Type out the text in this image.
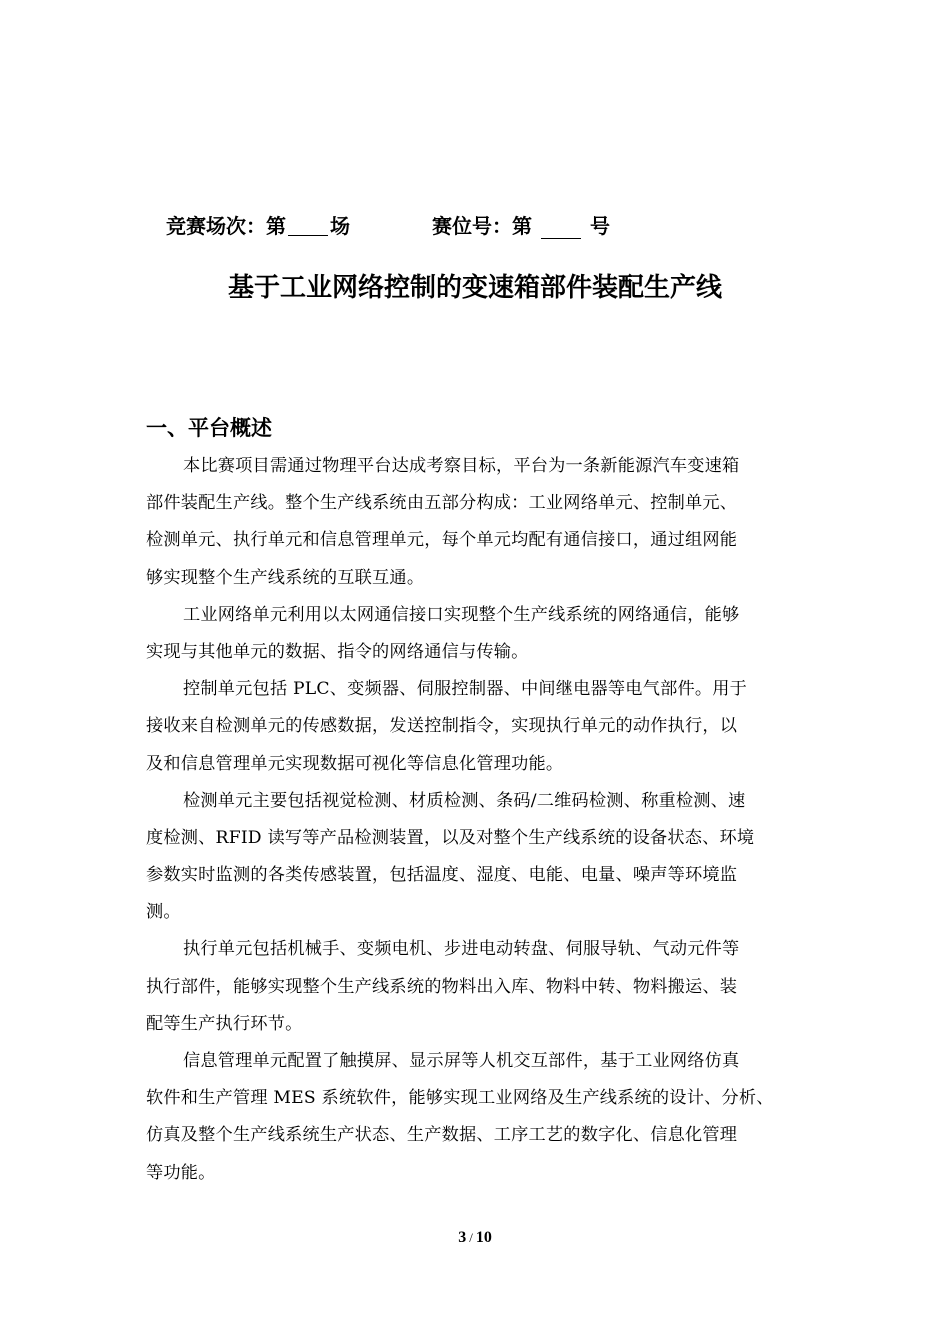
竞赛场次：第 场	赛位号：第	号
基于工业网络控制的变速箱部件装配生产线
一、平台概述
本比赛项目需通过物理平台达成考察目标，平台为一条新能源汽车变速箱
部件装配生产线。整个生产线系统由五部分构成：工业网络单元、控制单元、
检测单元、执行单元和信息管理单元，每个单元均配有通信接口，通过组网能
够实现整个生产线系统的互联互通。
工业网络单元利用以太网通信接口实现整个生产线系统的网络通信，能够
实现与其他单元的数据、指令的网络通信与传输。
控制单元包括 PLC、变频器、伺服控制器、中间继电器等电气部件。用于
接收来自检测单元的传感数据，发送控制指令，实现执行单元的动作执行，以
及和信息管理单元实现数据可视化等信息化管理功能。
检测单元主要包括视觉检测、材质检测、条码/二维码检测、称重检测、速
度检测、RFID 读写等产品检测装置，以及对整个生产线系统的设备状态、环境
参数实时监测的各类传感装置，包括温度、湿度、电能、电量、噪声等环境监
测。
执行单元包括机械手、变频电机、步进电动转盘、伺服导轨、气动元件等
执行部件，能够实现整个生产线系统的物料出入库、物料中转、物料搬运、装
配等生产执行环节。
信息管理单元配置了触摸屏、显示屏等人机交互部件，基于工业网络仿真
软件和生产管理 MES 系统软件，能够实现工业网络及生产线系统的设计、分析、
仿真及整个生产线系统生产状态、生产数据、工序工艺的数字化、信息化管理
等功能。
3 / 10
